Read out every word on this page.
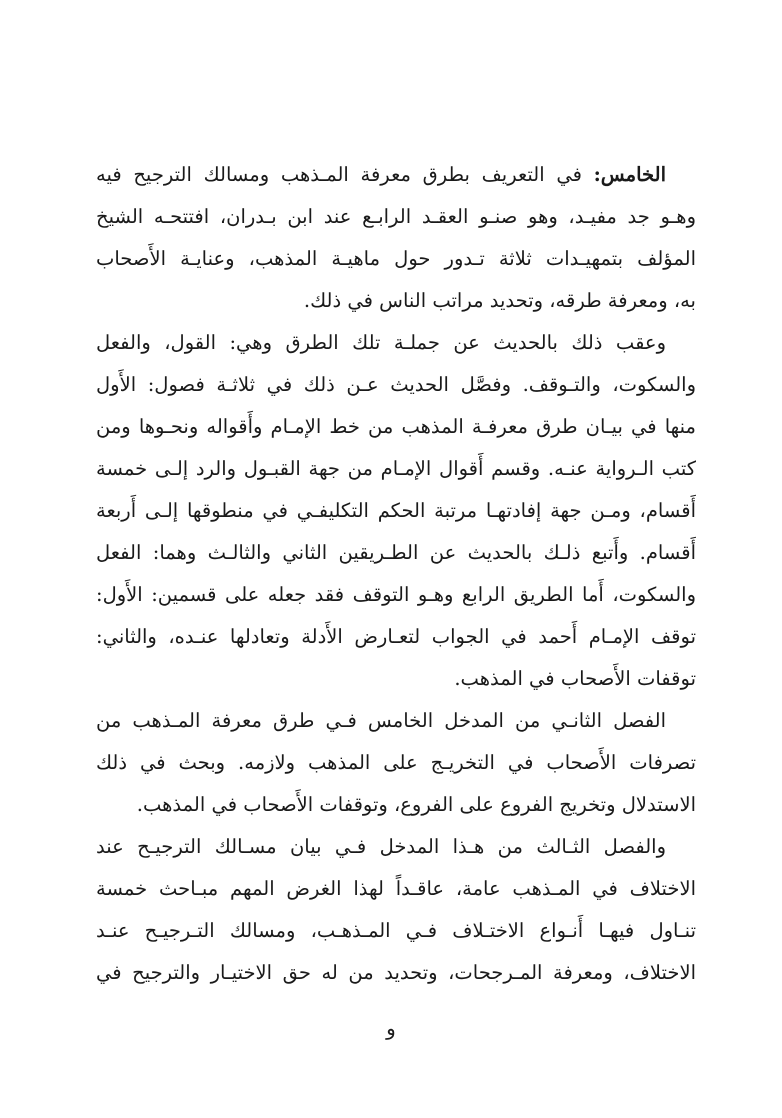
الخامس: في التعريف بطرق معرفة المـذهب ومسالك الترجيح فيه
وهـو جد مفيـد، وهو صنـو العقـد الرابـع عند ابن بـدران، افتتحـه الشيخ
المؤلف بتمهيـدات ثلاثة تـدور حول ماهيـة المذهب، وعنايـة الأَصحاب
به، ومعرفة طرقه، وتحديد مراتب الناس في ذلك.
وعقب ذلك بالحديث عن جملـة تلك الطرق وهي: القول، والفعل
والسكوت، والتـوقف. وفصَّل الحديث عـن ذلك في ثلاثـة فصول: الأَول
منها في بيـان طرق معرفـة المذهب من خط الإمـام وأَقواله ونحـوها ومن
كتب الـرواية عنـه. وقسم أَقوال الإمـام من جهة القبـول والرد إلـى خمسة
أَقسام، ومـن جهة إفادتهـا مرتبة الحكم التكليفـي في منطوقها إلـى أَربعة
أَقسام. وأَتبع ذلـك بالحديث عن الطـريقين الثاني والثالـث وهما: الفعل
والسكوت، أَما الطريق الرابع وهـو التوقف فقد جعله على قسمين: الأَول:
توقف الإمـام أَحمد في الجواب لتعـارض الأَدلة وتعادلها عنـده، والثاني:
توقفات الأَصحاب في المذهب.
الفصل الثانـي من المدخل الخامس فـي طرق معرفة المـذهب من
تصرفات الأَصحاب في التخريـج على المذهب ولازمه. وبحث في ذلك
الاستدلال وتخريج الفروع على الفروع، وتوقفات الأَصحاب في المذهب.
والفصل الثـالث من هـذا المدخل فـي بيان مسـالك الترجيـح عند
الاختلاف في المـذهب عامة، عاقـداً لهذا الغرض المهم مبـاحث خمسة
تنـاول فيهـا أَنـواع الاختـلاف فـي المـذهـب، ومسالك التـرجيـح عنـد
الاختلاف، ومعرفة المـرجحات، وتحديد من له حق الاختيـار والترجيح في
و
